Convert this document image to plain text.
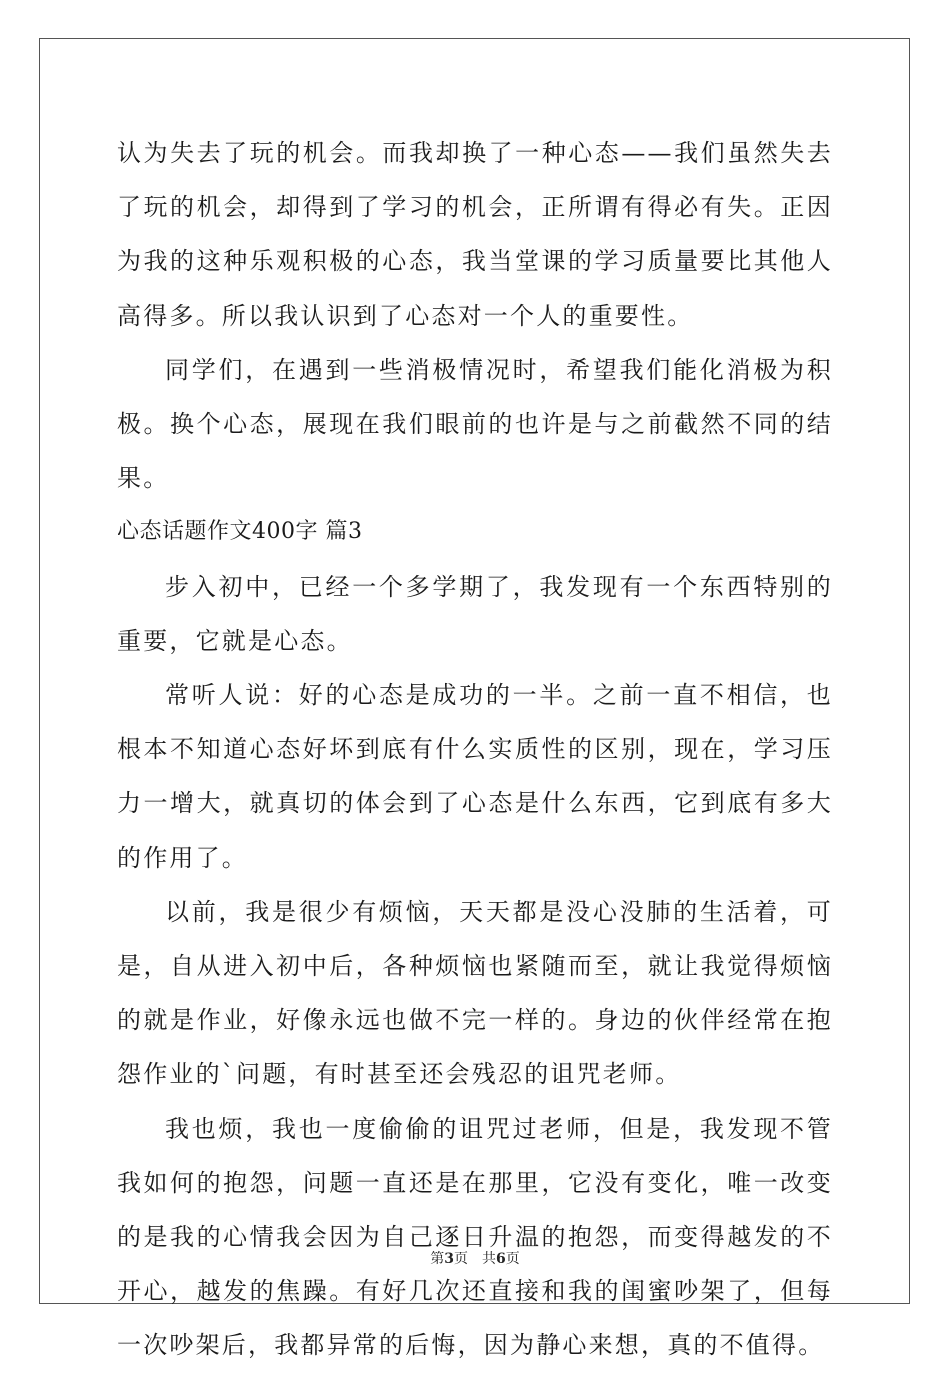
认为失去了玩的机会。而我却换了一种心态——我们虽然失去了玩的机会，却得到了学习的机会，正所谓有得必有失。正因为我的这种乐观积极的心态，我当堂课的学习质量要比其他人高得多。所以我认识到了心态对一个人的重要性。

同学们，在遇到一些消极情况时，希望我们能化消极为积极。换个心态，展现在我们眼前的也许是与之前截然不同的结果。

心态话题作文400字 篇3

步入初中，已经一个多学期了，我发现有一个东西特别的重要，它就是心态。

常听人说：好的心态是成功的一半。之前一直不相信，也根本不知道心态好坏到底有什么实质性的区别，现在，学习压力一增大，就真切的体会到了心态是什么东西，它到底有多大的作用了。

以前，我是很少有烦恼，天天都是没心没肺的生活着，可是，自从进入初中后，各种烦恼也紧随而至，就让我觉得烦恼的就是作业，好像永远也做不完一样的。身边的伙伴经常在抱怨作业的`问题，有时甚至还会残忍的诅咒老师。

我也烦，我也一度偷偷的诅咒过老师，但是，我发现不管我如何的抱怨，问题一直还是在那里，它没有变化，唯一改变的是我的心情我会因为自己逐日升温的抱怨，而变得越发的不开心，越发的焦躁。有好几次还直接和我的闺蜜吵架了，但每一次吵架后，我都异常的后悔，因为静心来想，真的不值得。

第3页 共6页
